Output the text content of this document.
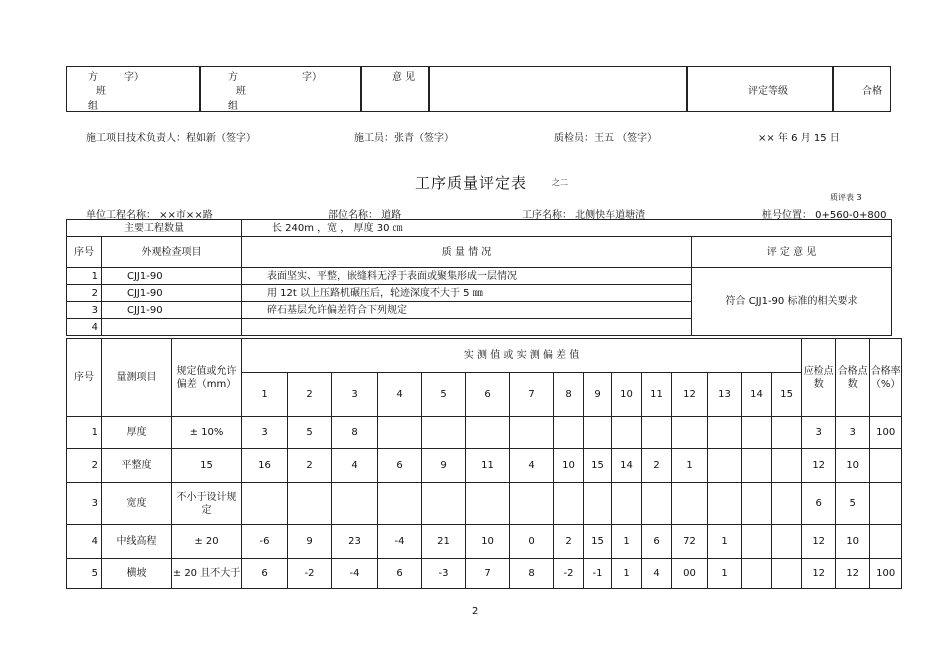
方	字）
班
组
方	字）
班
组
意 见
评定等级	合格
施工项目技术负责人：程如新（签字）	施工员：张青（签字）	质检员：王五 （签字）	×× 年 6 月 15 日
工序质量评定表	之二
质评表 3
单位工程名称： ××市××路	部位名称： 道路	工序名称： 北侧快车道塘渣	桩号位置： 0+560-0+800
主要工程数量		长 240m ，宽 ， 厚度 30 ㎝	
序号	外观检查项目	质 量 情 况	评 定 意 见
1	CJJ1-90	表面坚实、平整，嵌缝料无浮于表面或聚集形成一层情况	符合 CJJ1-90 标准的相关要求
2	CJJ1-90	用 12t 以上压路机碾压后，轮迹深度不大于 5 ㎜	
3	CJJ1-90	碎石基层允许偏差符合下列规定	
4			
序号	量测项目	规定值或允许偏差（mm）	实 测 值 或 实 测 偏 差 值															应检点数	合格点数	合格率（%）
			1	2	3	4	5	6	7	8	9	10	11	12	13	14	15			
1	厚度	± 10%	3	5	8													3	3	100
2	平整度	15	16	2	4	6	9	11	4	10	15	14	2	1				12	10	
3	宽度	不小于设计规定																6	5	
4	中线高程	± 20	-6	9	23	-4	21	10	0	2	15	1	6	72	1			12	10	
5	横坡	± 20 且不大于	6	-2	-4	6	-3	7	8	-2	-1	1	4	00	1			12	12	100
2
